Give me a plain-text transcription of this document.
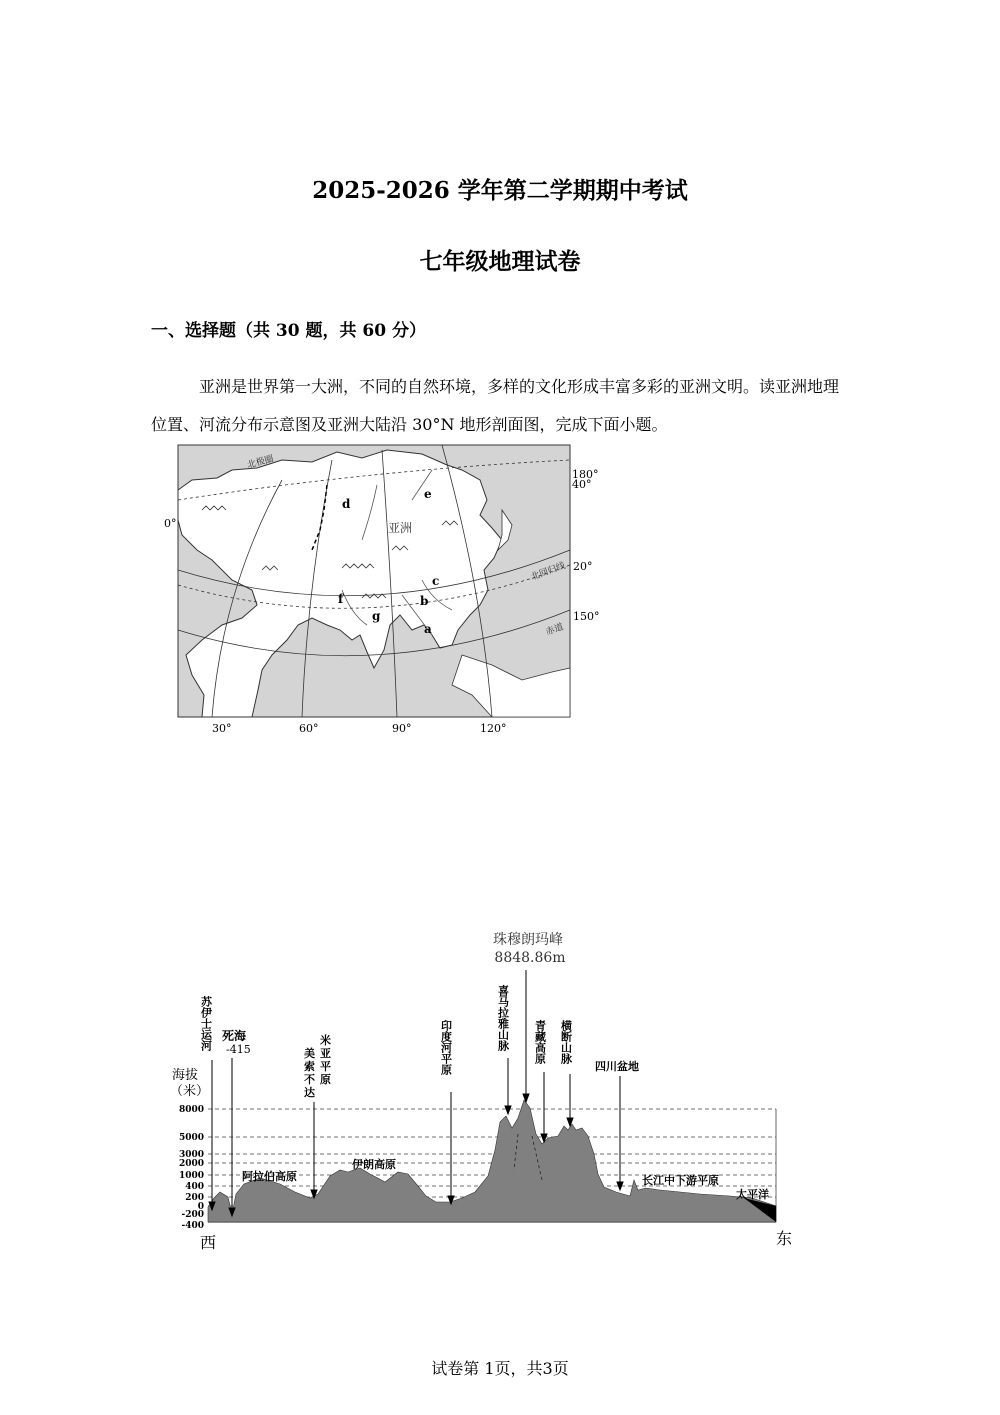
2025-2026 学年第二学期期中考试
七年级地理试卷
一、选择题（共 30 题，共 60 分）
亚洲是世界第一大洲，不同的自然环境，多样的文化形成丰富多彩的亚洲文明。读亚洲地理位置、河流分布示意图及亚洲大陆沿 30°N 地形剖面图，完成下面小题。
亚洲
北极圈
北回归线
赤道
a
b
c
d
e
f
g
30°	60°	90°	120°
180°
40°
20°
150°
0°
8000
5000
3000
2000
1000
400
200
0
-200
-400
海拔
（米）
珠穆朗玛峰
8848.86m
苏伊士运河	喜马拉雅山脉 青藏高原 横断山脉
印度河平原
美
索
不
达
米
亚
平
原
死海
-415
阿拉伯高原
伊朗高原
四川盆地
长江中下游平原
太平洋
西	东
试卷第 1页，共3页
